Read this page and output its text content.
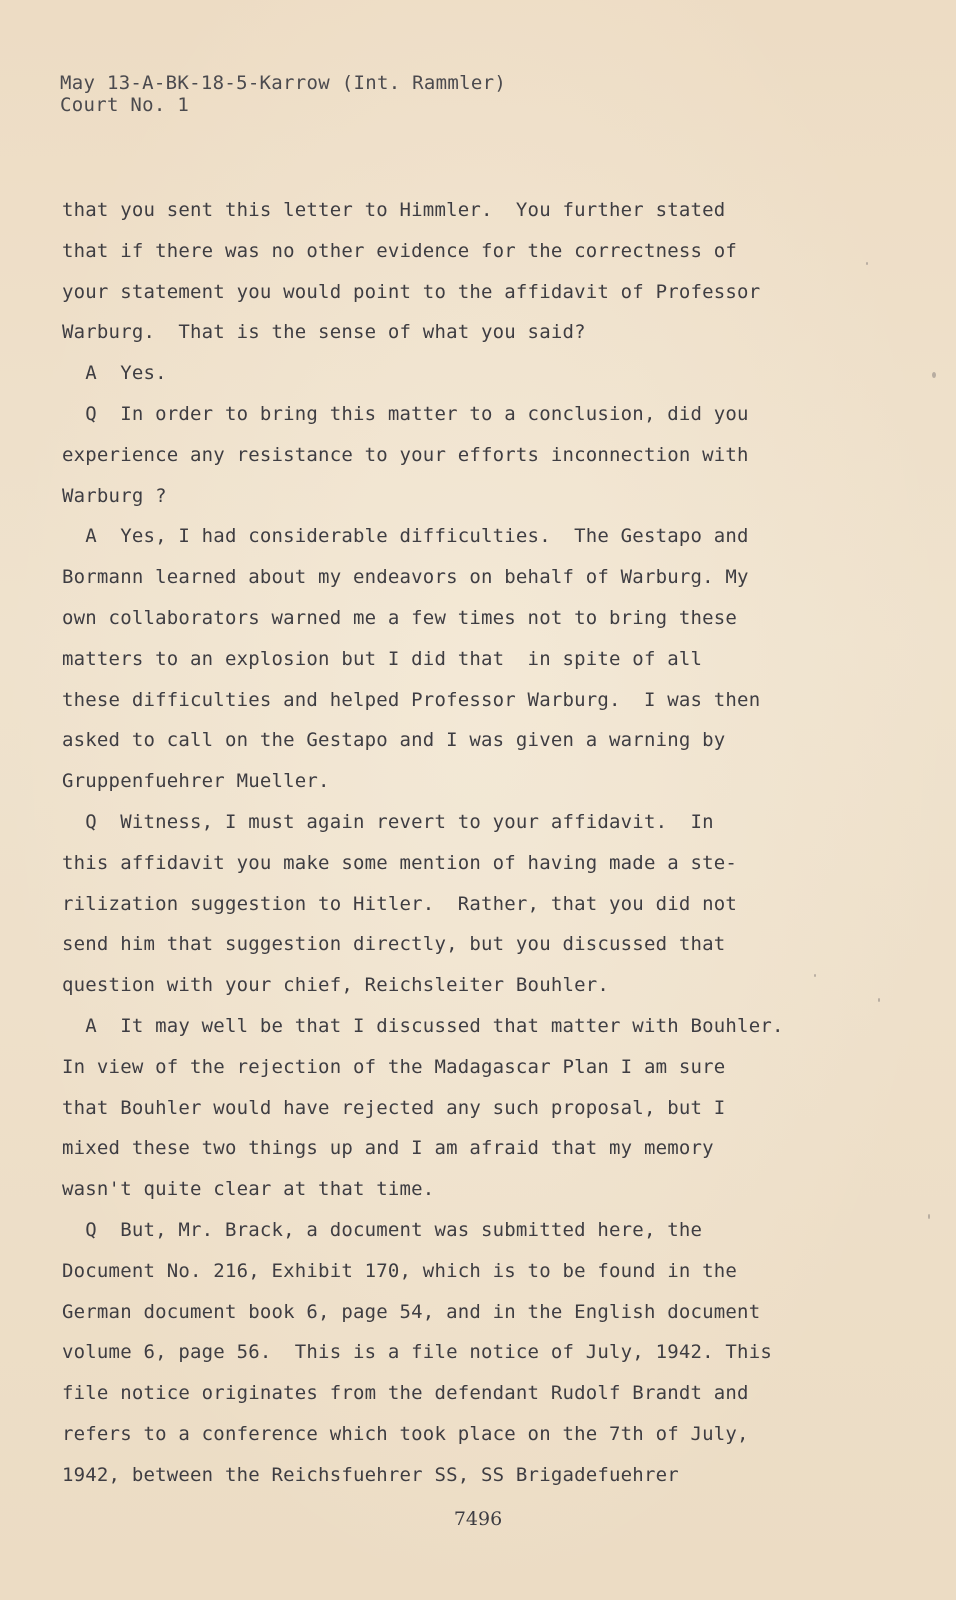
May 13-A-BK-18-5-Karrow (Int. Rammler)
Court No. 1
that you sent this letter to Himmler.  You further stated
that if there was no other evidence for the correctness of
your statement you would point to the affidavit of Professor
Warburg.  That is the sense of what you said?
A  Yes.
Q  In order to bring this matter to a conclusion, did you
experience any resistance to your efforts inconnection with
Warburg ?
A  Yes, I had considerable difficulties.  The Gestapo and
Bormann learned about my endeavors on behalf of Warburg. My
own collaborators warned me a few times not to bring these
matters to an explosion but I did that  in spite of all
these difficulties and helped Professor Warburg.  I was then
asked to call on the Gestapo and I was given a warning by
Gruppenfuehrer Mueller.
Q  Witness, I must again revert to your affidavit.  In
this affidavit you make some mention of having made a ste-
rilization suggestion to Hitler.  Rather, that you did not
send him that suggestion directly, but you discussed that
question with your chief, Reichsleiter Bouhler.
A  It may well be that I discussed that matter with Bouhler.
In view of the rejection of the Madagascar Plan I am sure
that Bouhler would have rejected any such proposal, but I
mixed these two things up and I am afraid that my memory
wasn't quite clear at that time.
Q  But, Mr. Brack, a document was submitted here, the
Document No. 216, Exhibit 170, which is to be found in the
German document book 6, page 54, and in the English document
volume 6, page 56.  This is a file notice of July, 1942. This
file notice originates from the defendant Rudolf Brandt and
refers to a conference which took place on the 7th of July,
1942, between the Reichsfuehrer SS, SS Brigadefuehrer
7496
